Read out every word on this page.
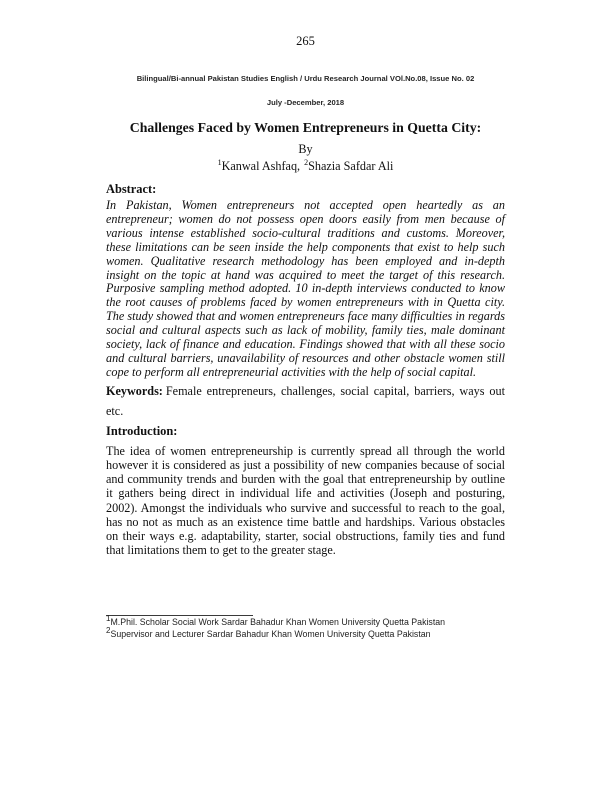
265
Bilingual/Bi-annual Pakistan Studies English / Urdu Research Journal VOl.No.08, Issue No. 02
July -December, 2018
Challenges Faced by Women Entrepreneurs in Quetta City:
By
$^1$Kanwal Ashfaq, $^2$Shazia Safdar Ali
Abstract:

In Pakistan, Women entrepreneurs not accepted open heartedly as an entrepreneur; women do not possess open doors easily from men because of various intense established socio-cultural traditions and customs. Moreover, these limitations can be seen inside the help components that exist to help such women. Qualitative research methodology has been employed and in-depth insight on the topic at hand was acquired to meet the target of this research. Purposive sampling method adopted. 10 in-depth interviews conducted to know the root causes of problems faced by women entrepreneurs with in Quetta city. The study showed that and women entrepreneurs face many difficulties in regards social and cultural aspects such as lack of mobility, family ties, male dominant society, lack of finance and education. Findings showed that with all these socio and cultural barriers, unavailability of resources and other obstacle women still cope to perform all entrepreneurial activities with the help of social capital.

Keywords: Female entrepreneurs, challenges, social capital, barriers, ways out etc.

Introduction:

The idea of women entrepreneurship is currently spread all through the world however it is considered as just a possibility of new companies because of social and community trends and burden with the goal that entrepreneurship by outline it gathers being direct in individual life and activities (Joseph and posturing, 2002). Amongst the individuals who survive and successful to reach to the goal, has no not as much as an existence time battle and hardships. Various obstacles on their ways e.g. adaptability, starter, social obstructions, family ties and fund that limitations them to get to the greater stage.

$^1$M.Phil. Scholar Social Work Sardar Bahadur Khan Women University Quetta Pakistan
$^2$Supervisor and Lecturer Sardar Bahadur Khan Women University Quetta Pakistan
